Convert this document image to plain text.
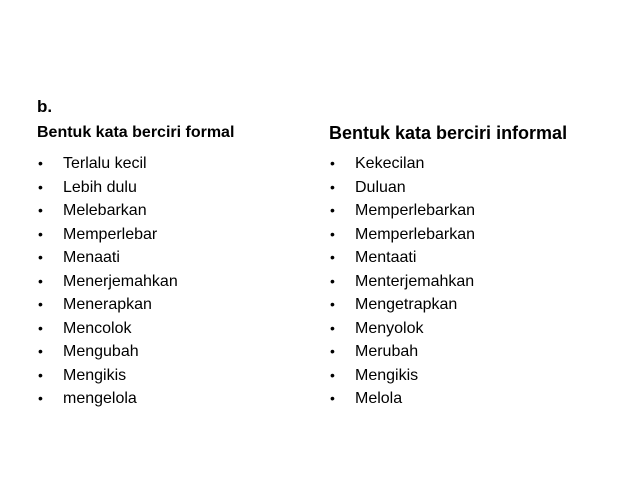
b.
Bentuk kata berciri formal
• Terlalu kecil
• Lebih dulu
• Melebarkan
• Memperlebar
• Menaati
• Menerjemahkan
• Menerapkan
• Mencolok
• Mengubah
• Mengikis
• mengelola
Bentuk kata berciri informal
• Kekecilan
• Duluan
• Memperlebarkan
• Memperlebarkan
• Mentaati
• Menterjemahkan
• Mengetrapkan
• Menyolok
• Merubah
• Mengikis
• Melola
